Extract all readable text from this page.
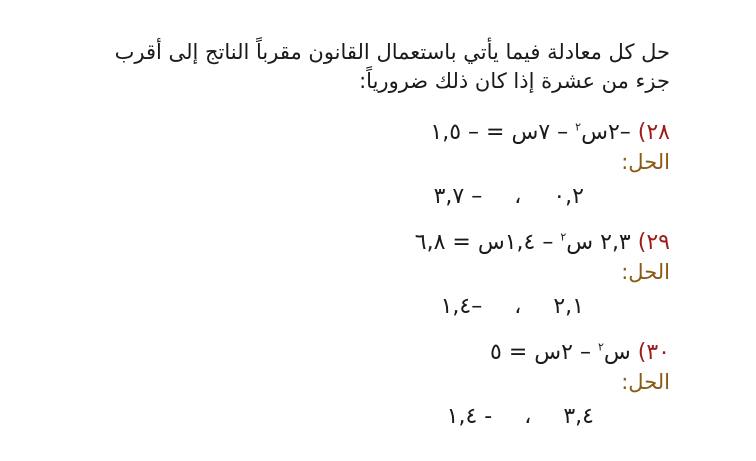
حل كل معادلة فيما يأتي باستعمال القانون مقرباً الناتج إلى أقرب جزء من عشرة إذا كان ذلك ضرورياً:
٢٨) –٢س$^٢$ – ٧س = – ١,٥
الحل:
٠,٢  ،  – ٣,٧
٢٩) ٢,٣ س$^٢$ – ١,٤س = ٦,٨
الحل:
٢,١  ،  –١,٤
٣٠) س$^٢$ – ٢س = ٥
الحل:
٣,٤  ،  - ١,٤
